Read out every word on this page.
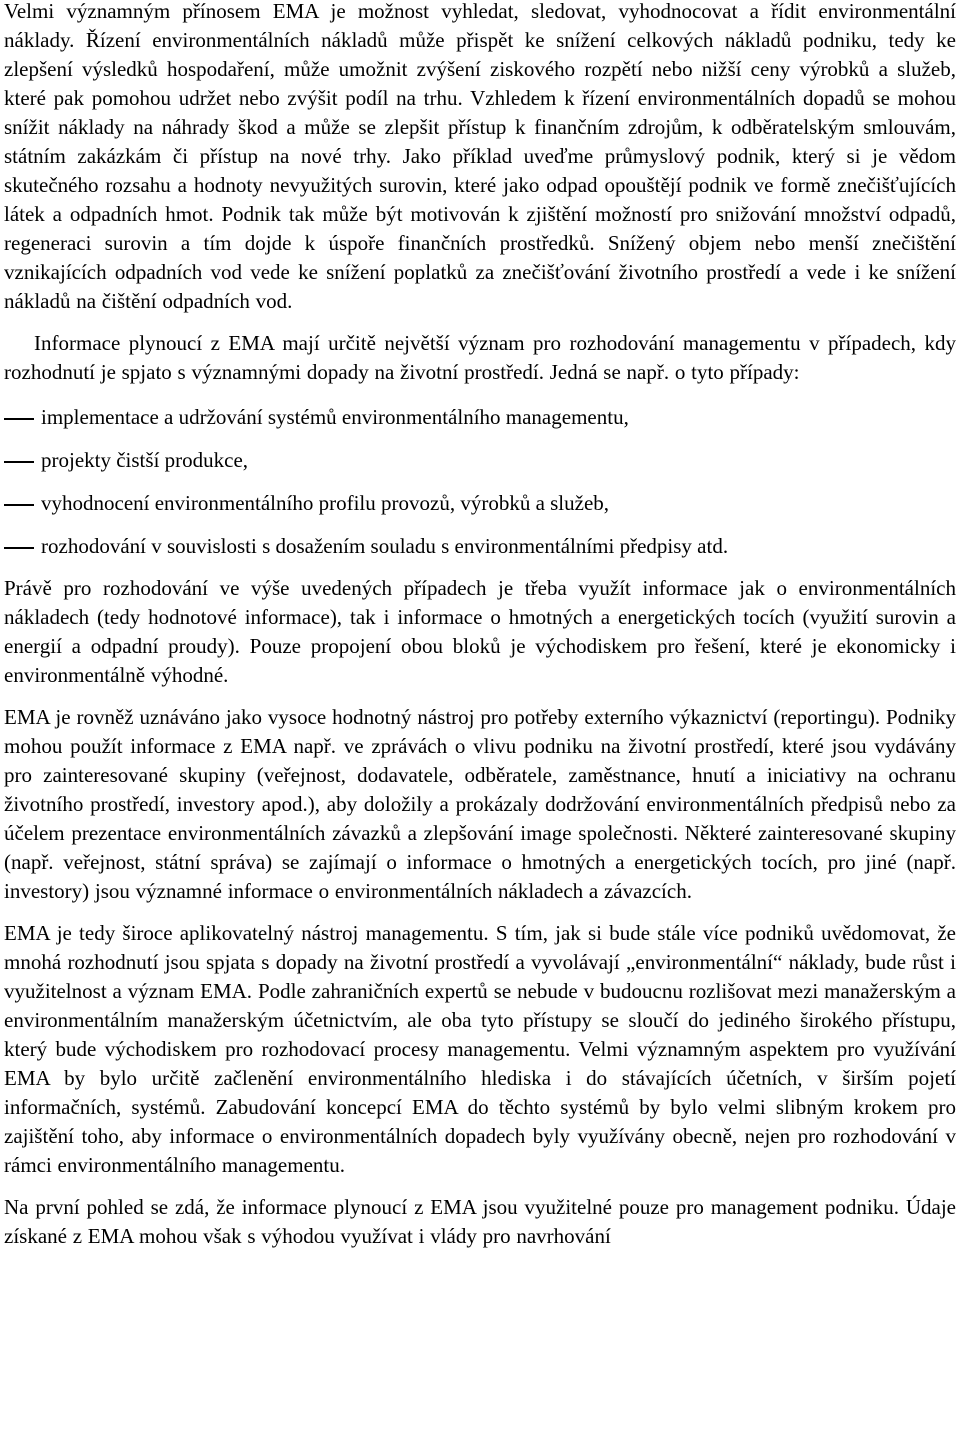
Velmi významným přínosem EMA je možnost vyhledat, sledovat, vyhodnocovat a řídit environmentální náklady. Řízení environmentálních nákladů může přispět ke snížení celkových nákladů podniku, tedy ke zlepšení výsledků hospodaření, může umožnit zvýšení ziskového rozpětí nebo nižší ceny výrobků a služeb, které pak pomohou udržet nebo zvýšit podíl na trhu. Vzhledem k řízení environmentálních dopadů se mohou snížit náklady na náhrady škod a může se zlepšit přístup k finančním zdrojům, k odběratelským smlouvám, státním zakázkám či přístup na nové trhy. Jako příklad uveďme průmyslový podnik, který si je vědom skutečného rozsahu a hodnoty nevyužitých surovin, které jako odpad opouštějí podnik ve formě znečišťujících látek a odpadních hmot. Podnik tak může být motivován k zjištění možností pro snižování množství odpadů, regeneraci surovin a tím dojde k úspoře finančních prostředků. Snížený objem nebo menší znečištění vznikajících odpadních vod vede ke snížení poplatků za znečišťování životního prostředí a vede i ke snížení nákladů na čištění odpadních vod.

Informace plynoucí z EMA mají určitě největší význam pro rozhodování managementu v případech, kdy rozhodnutí je spjato s významnými dopady na životní prostředí. Jedná se např. o tyto případy:

implementace a udržování systémů environmentálního managementu,
projekty čistší produkce,
vyhodnocení environmentálního profilu provozů, výrobků a služeb,
rozhodování v souvislosti s dosažením souladu s environmentálními předpisy atd.

Právě pro rozhodování ve výše uvedených případech je třeba využít informace jak o environmentálních nákladech (tedy hodnotové informace), tak i informace o hmotných a energetických tocích (využití surovin a energií a odpadní proudy). Pouze propojení obou bloků je východiskem pro řešení, které je ekonomicky i environmentálně výhodné.

EMA je rovněž uznáváno jako vysoce hodnotný nástroj pro potřeby externího výkaznictví (reportingu). Podniky mohou použít informace z EMA např. ve zprávách o vlivu podniku na životní prostředí, které jsou vydávány pro zainteresované skupiny (veřejnost, dodavatele, odběratele, zaměstnance, hnutí a iniciativy na ochranu životního prostředí, investory apod.), aby doložily a prokázaly dodržování environmentálních předpisů nebo za účelem prezentace environmentálních závazků a zlepšování image společnosti. Některé zainteresované skupiny (např. veřejnost, státní správa) se zajímají o informace o hmotných a energetických tocích, pro jiné (např. investory) jsou významné informace o environmentálních nákladech a závazcích.

EMA je tedy široce aplikovatelný nástroj managementu. S tím, jak si bude stále více podniků uvědomovat, že mnohá rozhodnutí jsou spjata s dopady na životní prostředí a vyvolávají „environmentální“ náklady, bude růst i využitelnost a význam EMA. Podle zahraničních expertů se nebude v budoucnu rozlišovat mezi manažerským a environmentálním manažerským účetnictvím, ale oba tyto přístupy se sloučí do jediného širokého přístupu, který bude východiskem pro rozhodovací procesy managementu. Velmi významným aspektem pro využívání EMA by bylo určitě začlenění environmentálního hlediska i do stávajících účetních, v širším pojetí informačních, systémů. Zabudování koncepcí EMA do těchto systémů by bylo velmi slibným krokem pro zajištění toho, aby informace o environmentálních dopadech byly využívány obecně, nejen pro rozhodování v rámci environmentálního managementu.

Na první pohled se zdá, že informace plynoucí z EMA jsou využitelné pouze pro management podniku. Údaje získané z EMA mohou však s výhodou využívat i vlády pro navrhování
